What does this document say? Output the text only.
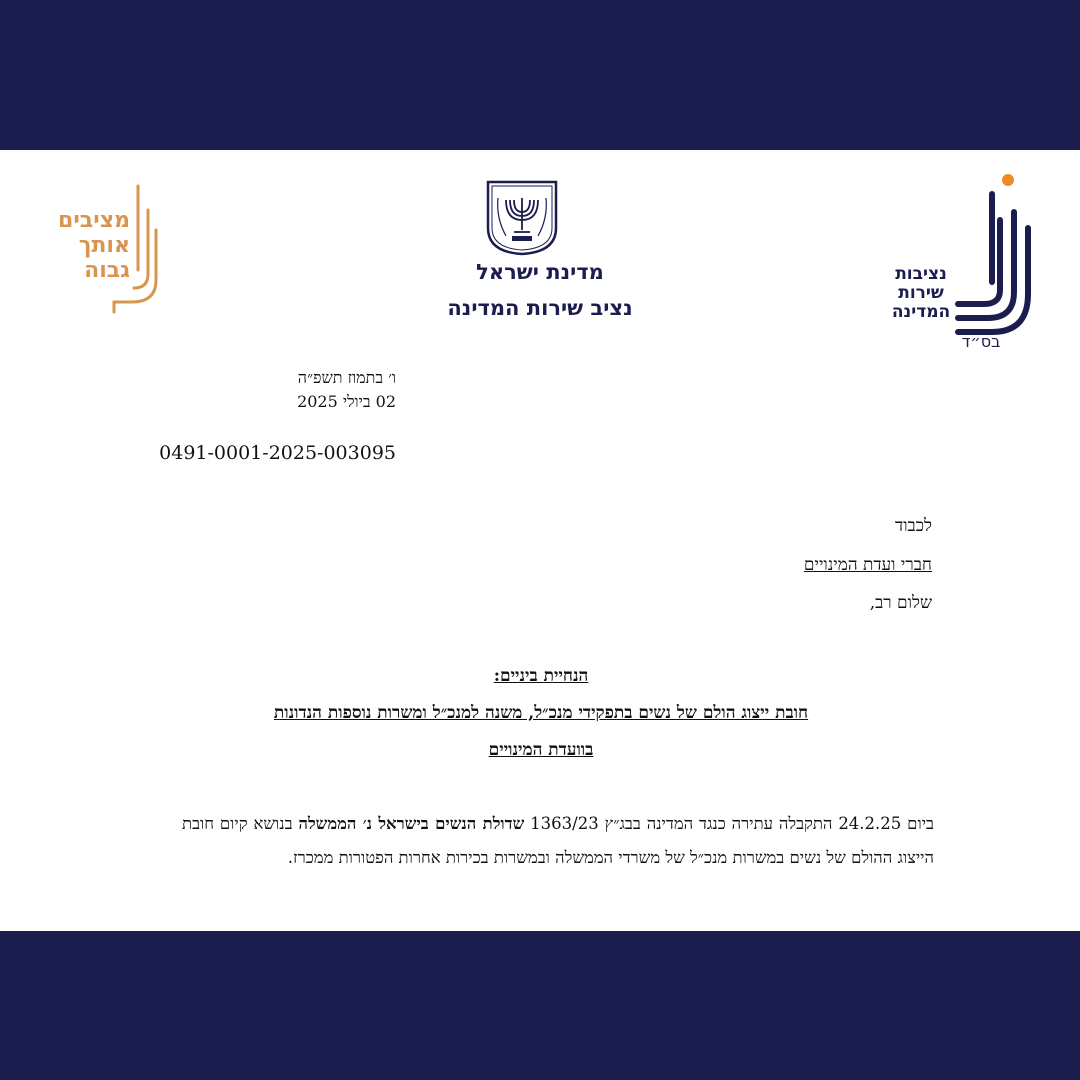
נציבות
שירות
המדינה
בס״ד
מדינת ישראל
נציב שירות המדינה
מציבים
אותך
גבוה
ו׳ בתמוז תשפ״ה
02 ביולי 2025
0491-0001-2025-003095
לכבוד
חברי ועדת המינויים
שלום רב,
הנחיית ביניים:
חובת ייצוג הולם של נשים בתפקידי מנכ״ל, משנה למנכ״ל ומשרות נוספות הנדונות
בוועדת המינויים
ביום 24.2.25 התקבלה עתירה כנגד המדינה בבג״ץ 1363/23 שדולת הנשים בישראל נ׳ הממשלה בנושא קיום חובת הייצוג ההולם של נשים במשרות מנכ״ל של משרדי הממשלה ובמשרות בכירות אחרות הפטורות ממכרז.
